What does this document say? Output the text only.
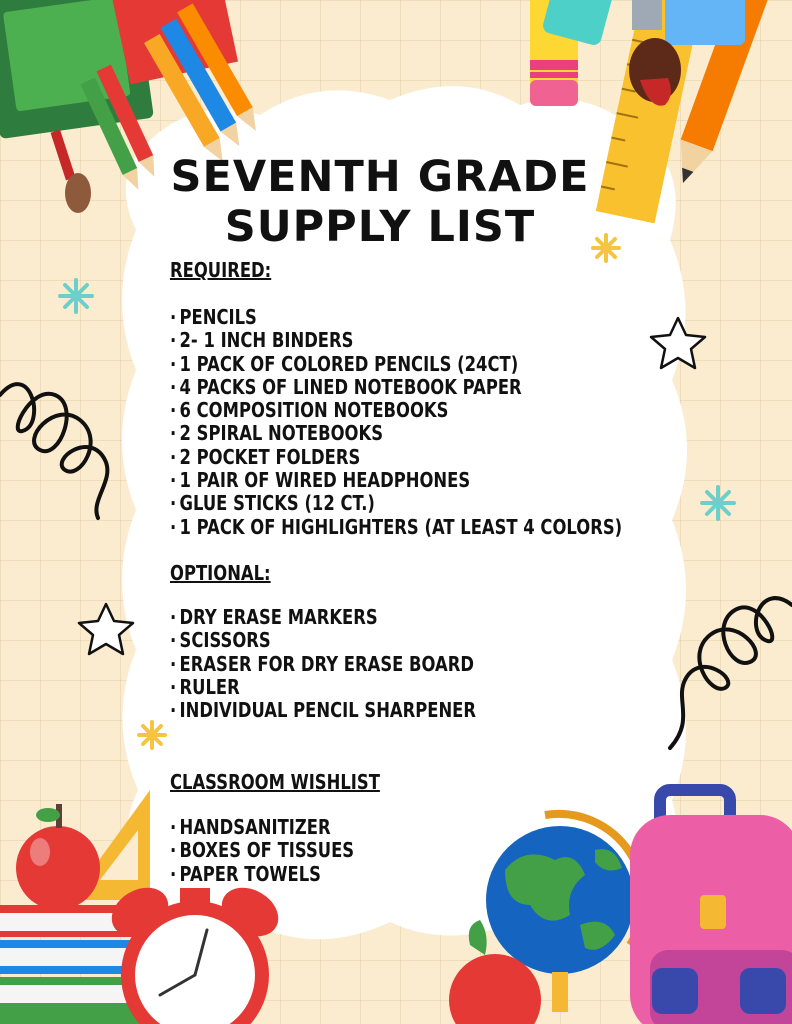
SEVENTH GRADE
SUPPLY LIST
REQUIRED:
· PENCILS
· 2- 1 INCH BINDERS
· 1 PACK OF COLORED PENCILS (24CT)
· 4 PACKS OF LINED NOTEBOOK PAPER
· 6 COMPOSITION NOTEBOOKS
· 2 SPIRAL NOTEBOOKS
· 2 POCKET FOLDERS
· 1 PAIR OF WIRED HEADPHONES
· GLUE STICKS (12 CT.)
· 1 PACK OF HIGHLIGHTERS (AT LEAST 4 COLORS)
OPTIONAL:
· DRY ERASE MARKERS
· SCISSORS
· ERASER FOR DRY ERASE BOARD
· RULER
· INDIVIDUAL PENCIL SHARPENER
CLASSROOM WISHLIST
· HANDSANITIZER
· BOXES OF TISSUES
· PAPER TOWELS
